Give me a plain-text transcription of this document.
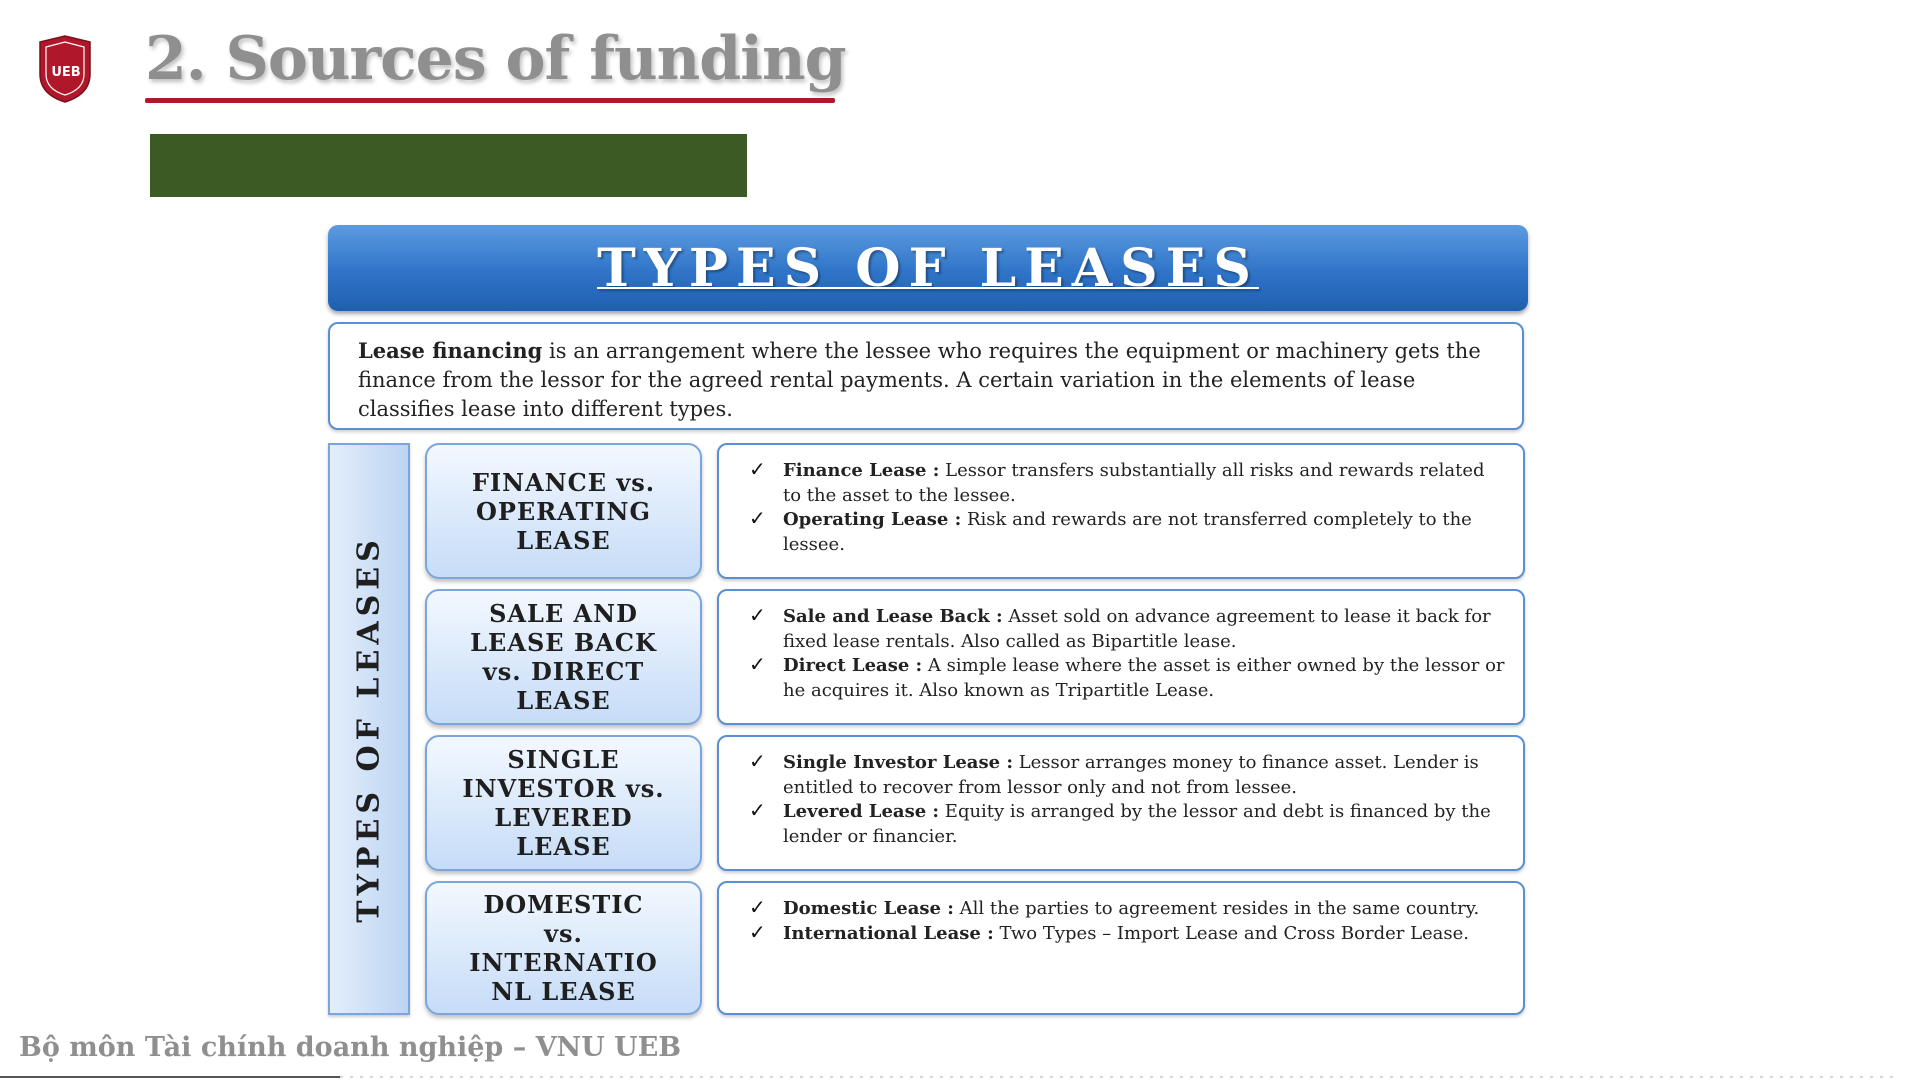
UEB 2. Sources of funding
TYPES OF LEASES
Lease financing is an arrangement where the lessee who requires the equipment or machinery gets the finance from the lessor for the agreed rental payments. A certain variation in the elements of lease classifies lease into different types.
TYPES OF LEASES
FINANCE vs.
OPERATING
LEASE
✓ Finance Lease : Lessor transfers substantially all risks and rewards related to the asset to the lessee.
✓ Operating Lease : Risk and rewards are not transferred completely to the lessee.
SALE AND
LEASE BACK
vs. DIRECT
LEASE
✓ Sale and Lease Back : Asset sold on advance agreement to lease it back for fixed lease rentals. Also called as Bipartitle lease.
✓ Direct Lease : A simple lease where the asset is either owned by the lessor or he acquires it. Also known as Tripartitle Lease.
SINGLE
INVESTOR vs.
LEVERED
LEASE
✓ Single Investor Lease : Lessor arranges money to finance asset. Lender is entitled to recover from lessor only and not from lessee.
✓ Levered Lease : Equity is arranged by the lessor and debt is financed by the lender or financier.
DOMESTIC
vs.
INTERNATIO
NL LEASE
✓ Domestic Lease : All the parties to agreement resides in the same country.
✓ International Lease : Two Types – Import Lease and Cross Border Lease.
Bộ môn Tài chính doanh nghiệp – VNU UEB
